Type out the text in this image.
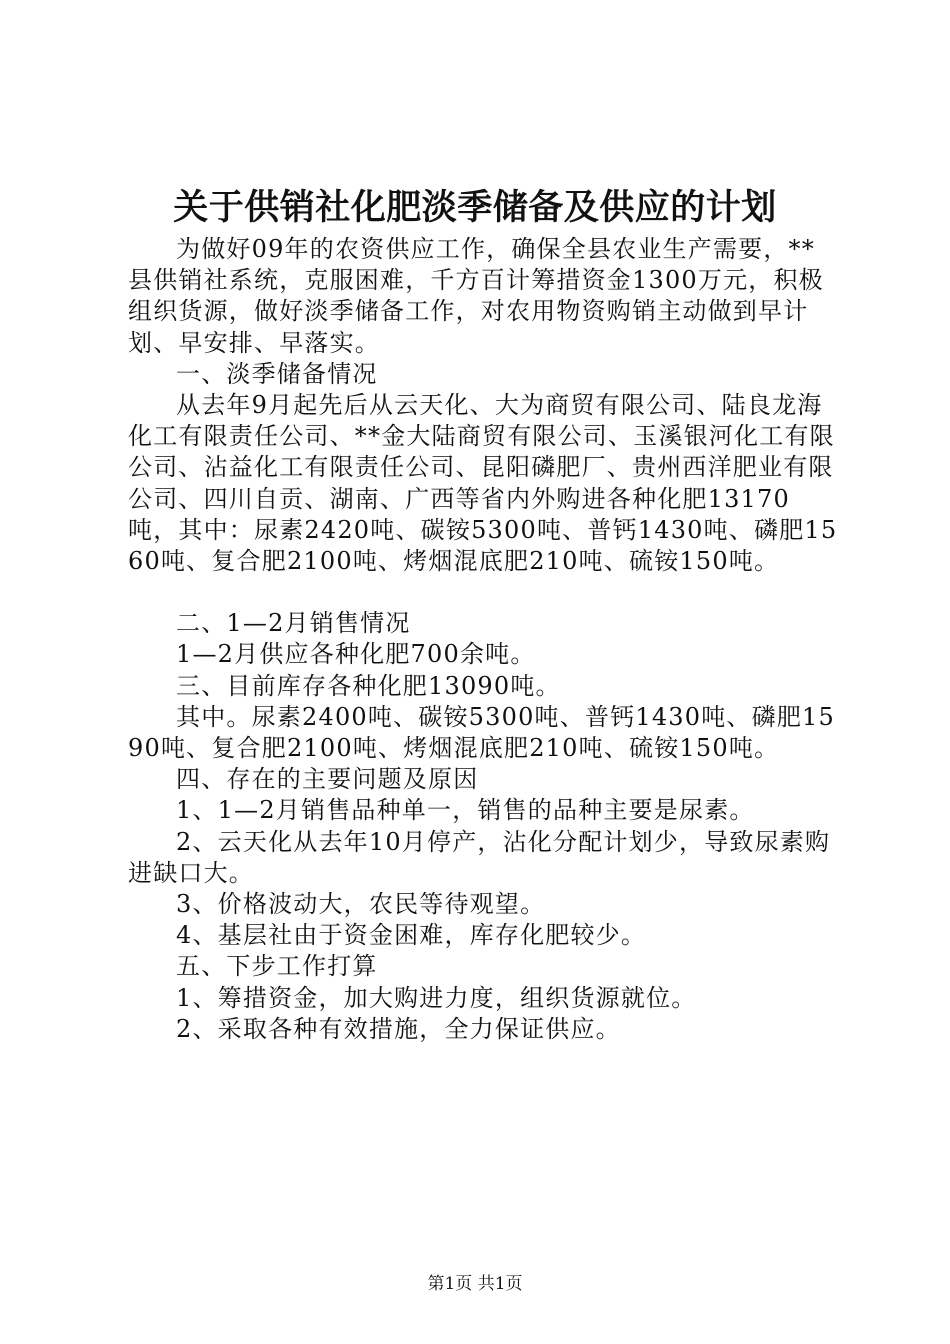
关于供销社化肥淡季储备及供应的计划

为做好09年的农资供应工作，确保全县农业生产需要，**县供销社系统，克服困难，千方百计筹措资金1300万元，积极组织货源，做好淡季储备工作，对农用物资购销主动做到早计划、早安排、早落实。

一、淡季储备情况

从去年9月起先后从云天化、大为商贸有限公司、陆良龙海化工有限责任公司、**金大陆商贸有限公司、玉溪银河化工有限公司、沾益化工有限责任公司、昆阳磷肥厂、贵州西洋肥业有限公司、四川自贡、湖南、广西等省内外购进各种化肥13170吨，其中：尿素2420吨、碳铵5300吨、普钙1430吨、磷肥1560吨、复合肥2100吨、烤烟混底肥210吨、硫铵150吨。

二、1—2月销售情况

1—2月供应各种化肥700余吨。

三、目前库存各种化肥13090吨。

其中。尿素2400吨、碳铵5300吨、普钙1430吨、磷肥1590吨、复合肥2100吨、烤烟混底肥210吨、硫铵150吨。

四、存在的主要问题及原因

1、1—2月销售品种单一，销售的品种主要是尿素。

2、云天化从去年10月停产，沾化分配计划少，导致尿素购进缺口大。

3、价格波动大，农民等待观望。

4、基层社由于资金困难，库存化肥较少。

五、下步工作打算

1、筹措资金，加大购进力度，组织货源就位。

2、采取各种有效措施，全力保证供应。

第1页 共1页
